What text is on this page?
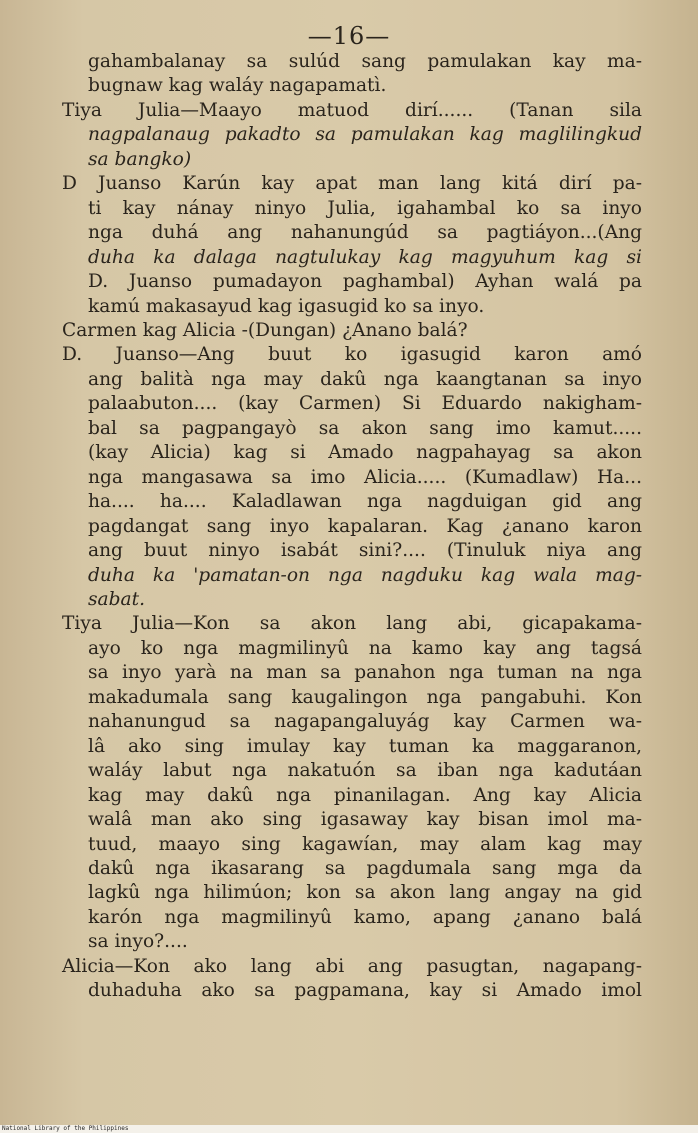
—16—
gahambalanay sa sulúd sang pamulakan kay ma-
bugnaw kag waláy nagapamatì.
Tiya Julia—Maayo matuod dirí...... (Tanan sila
nagpalanaug pakadto sa pamulakan kag maglilingkud
sa bangko)
D Juanso Karún kay apat man lang kitá dirí pa-
ti kay nánay ninyo Julia, igahambal ko sa inyo
nga duhá ang nahanungúd sa pagtiáyon...(Ang
duha ka dalaga nagtulukay kag magyuhum kag si
D. Juanso pumadayon paghambal) Ayhan walá pa
kamú makasayud kag igasugid ko sa inyo.
Carmen kag Alicia -(Dungan) ¿Anano balá?
D. Juanso—Ang buut ko igasugid karon amó
ang balità nga may dakû nga kaangtanan sa inyo
palaabuton.... (kay Carmen) Si Eduardo nakigham-
bal sa pagpangayò sa akon sang imo kamut.....
(kay Alicia) kag si Amado nagpahayag sa akon
nga mangasawa sa imo Alicia..... (Kumadlaw) Ha...
ha.... ha.... Kaladlawan nga nagduigan gid ang
pagdangat sang inyo kapalaran. Kag ¿anano karon
ang buut ninyo isabát sini?.... (Tinuluk niya ang
duha ka 'pamatan-on nga nagduku kag wala mag-
sabat.
Tiya Julia—Kon sa akon lang abi, gicapakama-
ayo ko nga magmilinyû na kamo kay ang tagsá
sa inyo yarà na man sa panahon nga tuman na nga
makadumala sang kaugalingon nga pangabuhi. Kon
nahanungud sa nagapangaluyág kay Carmen wa-
lâ ako sing imulay kay tuman ka maggaranon,
waláy labut nga nakatuón sa iban nga kadutáan
kag may dakû nga pinanilagan. Ang kay Alicia
walâ man ako sing igasaway kay bisan imol ma-
tuud, maayo sing kagawían, may alam kag may
dakû nga ikasarang sa pagdumala sang mga da
lagkû nga hilimúon; kon sa akon lang angay na gid
karón nga magmilinyû kamo, apang ¿anano balá
sa inyo?....
Alicia—Kon ako lang abi ang pasugtan, nagapang-
duhaduha ako sa pagpamana, kay si Amado imol
National Library of the Philippines
